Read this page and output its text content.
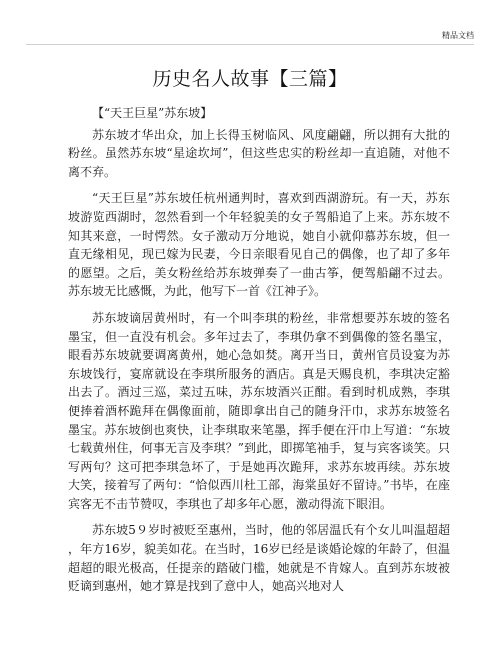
精品文档
历史名人故事【三篇】
【“天王巨星”苏东坡】

苏东坡才华出众，加上长得玉树临风、风度翩翩，所以拥有大批的粉丝。虽然苏东坡“星途坎坷”，但这些忠实的粉丝却一直追随，对他不离不弃。

“天王巨星”苏东坡任杭州通判时，喜欢到西湖游玩。有一天，苏东坡游览西湖时，忽然看到一个年轻貌美的女子驾船追了上来。苏东坡不知其来意，一时愕然。女子激动万分地说，她自小就仰慕苏东坡，但一直无缘相见，现已嫁为民妻，今日亲眼看见自己的偶像，也了却了多年的愿望。之后，美女粉丝给苏东坡弹奏了一曲古筝，便驾船翩不过去。苏东坡无比感慨，为此，他写下一首《江神子》。

苏东坡谪居黄州时，有一个叫李琪的粉丝，非常想要苏东坡的签名墨宝，但一直没有机会。多年过去了，李琪仍拿不到偶像的签名墨宝，眼看苏东坡就要调离黄州，她心急如焚。离开当日，黄州官员设宴为苏东坡饯行，宴席就设在李琪所服务的酒店。真是天赐良机，李琪决定豁出去了。酒过三巡，菜过五味，苏东坡酒兴正酣。看到时机成熟，李琪便捧着酒杯跪拜在偶像面前，随即拿出自己的随身汗巾，求苏东坡签名墨宝。苏东坡倒也爽快，让李琪取来笔墨，挥手便在汗巾上写道：“东坡七载黄州住，何事无言及李琪？”到此，即掷笔袖手，复与宾客谈笑。只写两句？这可把李琪急坏了，于是她再次跪拜，求苏东坡再续。苏东坡大笑，接着写了两句：“恰似西川杜工部，海棠虽好不留诗。”书毕，在座宾客无不击节赞叹，李琪也了却多年心愿，激动得流下眼泪。

苏东坡5９岁时被贬至惠州，当时，他的邻居温氏有个女儿叫温超超，年方16岁，貌美如花。在当时，16岁已经是谈婚论嫁的年龄了，但温超超的眼光极高，任提亲的踏破门槛，她就是不肯嫁人。直到苏东坡被贬谪到惠州，她才算是找到了意中人，她高兴地对人
